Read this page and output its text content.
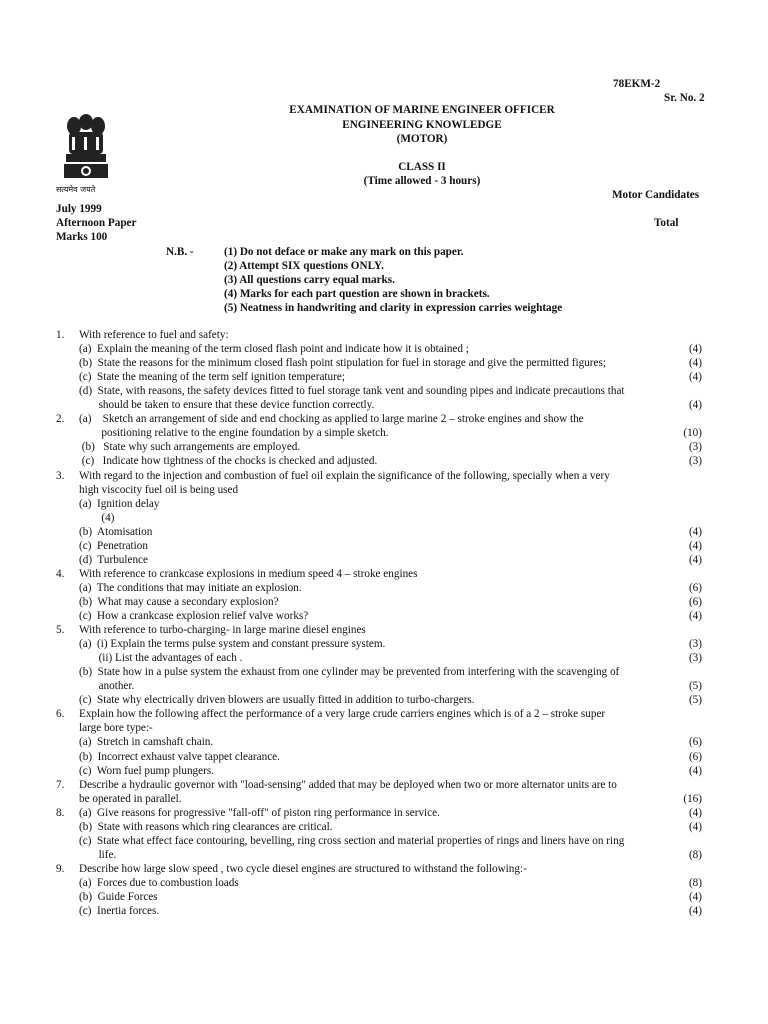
78EKM-2
Sr. No. 2
EXAMINATION OF MARINE ENGINEER OFFICER
ENGINEERING KNOWLEDGE
(MOTOR)
CLASS II
(Time allowed - 3 hours)
Motor Candidates
सत्यमेव जयते
July 1999
Afternoon Paper	Total
Marks 100
N.B. -	(1) Do not deface or make any mark on this paper.
(2) Attempt SIX questions ONLY.
(3) All questions carry equal marks.
(4) Marks for each part question are shown in brackets.
(5) Neatness in handwriting and clarity in expression carries weightage
1. With reference to fuel and safety:
(a)  Explain the meaning of the term closed flash point and indicate how it is obtained ;	(4)
(b)  State the reasons for the minimum closed flash point stipulation for fuel in storage and give the permitted figures;	(4)
(c)  State the meaning of the term self ignition temperature;	(4)
(d)  State, with reasons, the safety devices fitted to fuel storage tank vent and sounding pipes and indicate precautions that
should be taken to ensure that these device function correctly.	(4)
2. (a)    Sketch an arrangement of side and end chocking as applied to large marine 2 – stroke engines and show the
positioning relative to the engine foundation by a simple sketch.	(10)
(b)   State why such arrangements are employed.	(3)
(c)   Indicate how tightness of the chocks is checked and adjusted.	(3)
3. With regard to the injection and combustion of fuel oil explain the significance of the following, specially when a very
high viscocity fuel oil is being used
(a)  Ignition delay
(4)
(b)  Atomisation	(4)
(c)  Penetration	(4)
(d)  Turbulence	(4)
4. With reference to crankcase explosions in medium speed 4 – stroke engines
(a)  The conditions that may initiate an explosion.	(6)
(b)  What may cause a secondary explosion?	(6)
(c)  How a crankcase explosion relief valve works?	(4)
5. With reference to turbo-charging- in large marine diesel engines
(a)  (i) Explain the terms pulse system and constant pressure system.	(3)
(ii) List the advantages of each .	(3)
(b)  State how in a pulse system the exhaust from one cylinder may be prevented from interfering with the scavenging of
another.	(5)
(c)  State why electrically driven blowers are usually fitted in addition to turbo-chargers.	(5)
6. Explain how the following affect the performance of a very large crude carriers engines which is of a 2 – stroke super
large bore type:-
(a)  Stretch in camshaft chain.	(6)
(b)  Incorrect exhaust valve tappet clearance.	(6)
(c)  Worn fuel pump plungers.	(4)
7. Describe a hydraulic governor with "load-sensing" added that may be deployed when two or more alternator units are to
be operated in parallel.	(16)
8. (a)  Give reasons for progressive "fall-off" of piston ring performance in service.	(4)
(b)  State with reasons which ring clearances are critical.	(4)
(c)  State what effect face contouring, bevelling, ring cross section and material properties of rings and liners have on ring
life.	(8)
9. Describe how large slow speed , two cycle diesel engines are structured to withstand the following:-
(a)  Forces due to combustion loads	(8)
(b)  Guide Forces	(4)
(c)  Inertia forces.	(4)
